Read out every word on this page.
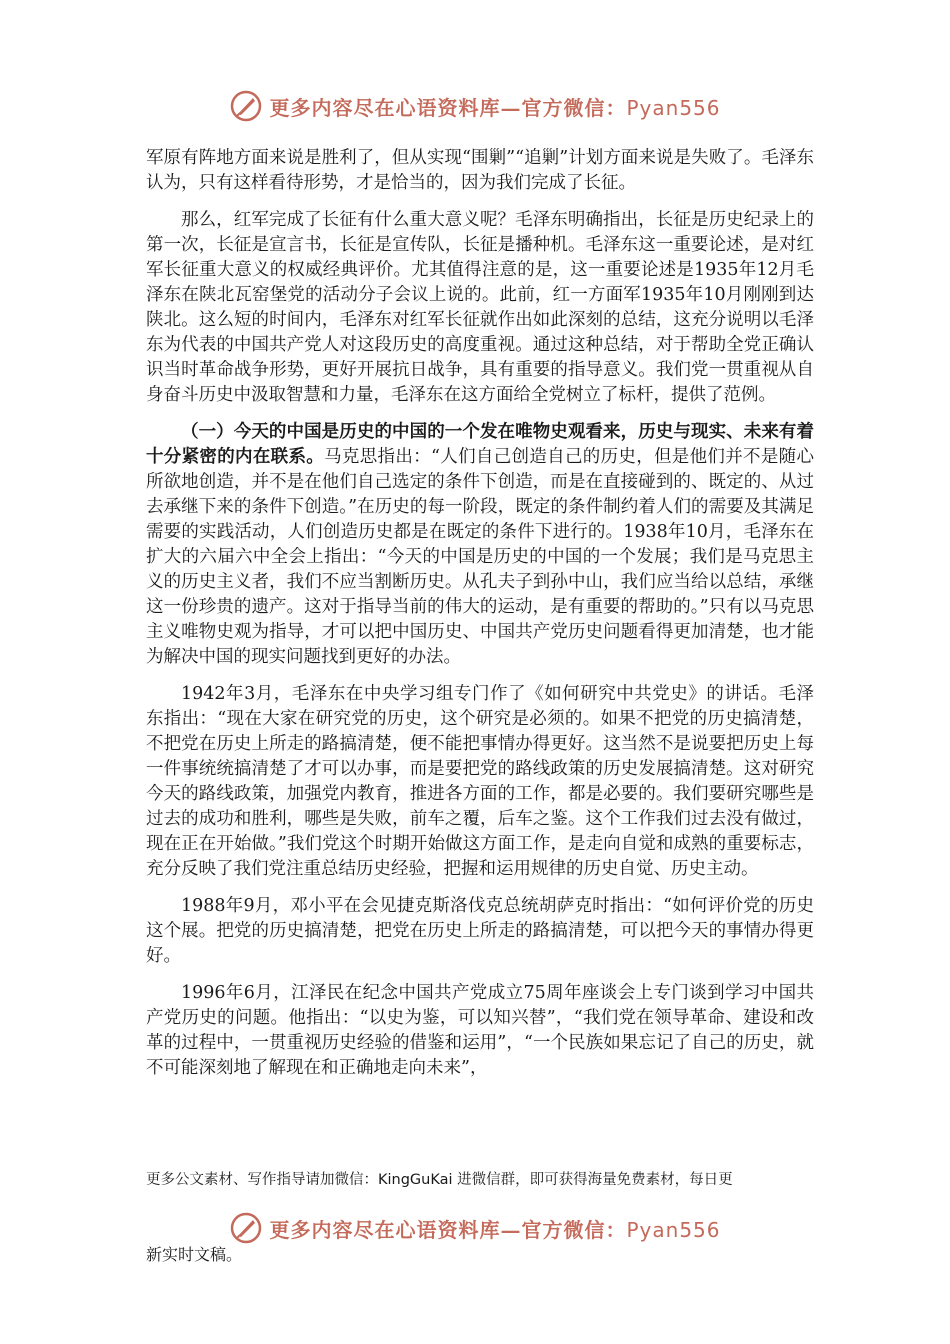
更多内容尽在心语资料库—官方微信：Pyan556

军原有阵地方面来说是胜利了，但从实现“围剿”“追剿”计划方面来说是失败了。毛泽东认为，只有这样看待形势，才是恰当的，因为我们完成了长征。

那么，红军完成了长征有什么重大意义呢？毛泽东明确指出，长征是历史纪录上的第一次，长征是宣言书，长征是宣传队，长征是播种机。毛泽东这一重要论述，是对红军长征重大意义的权威经典评价。尤其值得注意的是，这一重要论述是1935年12月毛泽东在陕北瓦窑堡党的活动分子会议上说的。此前，红一方面军1935年10月刚刚到达陕北。这么短的时间内，毛泽东对红军长征就作出如此深刻的总结，这充分说明以毛泽东为代表的中国共产党人对这段历史的高度重视。通过这种总结，对于帮助全党正确认识当时革命战争形势，更好开展抗日战争，具有重要的指导意义。我们党一贯重视从自身奋斗历史中汲取智慧和力量，毛泽东在这方面给全党树立了标杆，提供了范例。

（一）今天的中国是历史的中国的一个发在唯物史观看来，历史与现实、未来有着十分紧密的内在联系。马克思指出：“人们自己创造自己的历史，但是他们并不是随心所欲地创造，并不是在他们自己选定的条件下创造，而是在直接碰到的、既定的、从过去承继下来的条件下创造。”在历史的每一阶段，既定的条件制约着人们的需要及其满足需要的实践活动，人们创造历史都是在既定的条件下进行的。1938年10月，毛泽东在扩大的六届六中全会上指出：“今天的中国是历史的中国的一个发展；我们是马克思主义的历史主义者，我们不应当割断历史。从孔夫子到孙中山，我们应当给以总结，承继这一份珍贵的遗产。这对于指导当前的伟大的运动，是有重要的帮助的。”只有以马克思主义唯物史观为指导，才可以把中国历史、中国共产党历史问题看得更加清楚，也才能为解决中国的现实问题找到更好的办法。

1942年3月，毛泽东在中央学习组专门作了《如何研究中共党史》的讲话。毛泽东指出：“现在大家在研究党的历史，这个研究是必须的。如果不把党的历史搞清楚，不把党在历史上所走的路搞清楚，便不能把事情办得更好。这当然不是说要把历史上每一件事统统搞清楚了才可以办事，而是要把党的路线政策的历史发展搞清楚。这对研究今天的路线政策，加强党内教育，推进各方面的工作，都是必要的。我们要研究哪些是过去的成功和胜利，哪些是失败，前车之覆，后车之鉴。这个工作我们过去没有做过，现在正在开始做。”我们党这个时期开始做这方面工作，是走向自觉和成熟的重要标志，充分反映了我们党注重总结历史经验，把握和运用规律的历史自觉、历史主动。

1988年9月，邓小平在会见捷克斯洛伐克总统胡萨克时指出：“如何评价党的历史这个展。把党的历史搞清楚，把党在历史上所走的路搞清楚，可以把今天的事情办得更好。

1996年6月，江泽民在纪念中国共产党成立75周年座谈会上专门谈到学习中国共产党历史的问题。他指出：“以史为鉴，可以知兴替”，“我们党在领导革命、建设和改革的过程中，一贯重视历史经验的借鉴和运用”，“一个民族如果忘记了自己的历史，就不可能深刻地了解现在和正确地走向未来”，

更多公文素材、写作指导请加微信：KingGuKai 进微信群，即可获得海量免费素材，每日更
更多内容尽在心语资料库—官方微信：Pyan556
新实时文稿。
